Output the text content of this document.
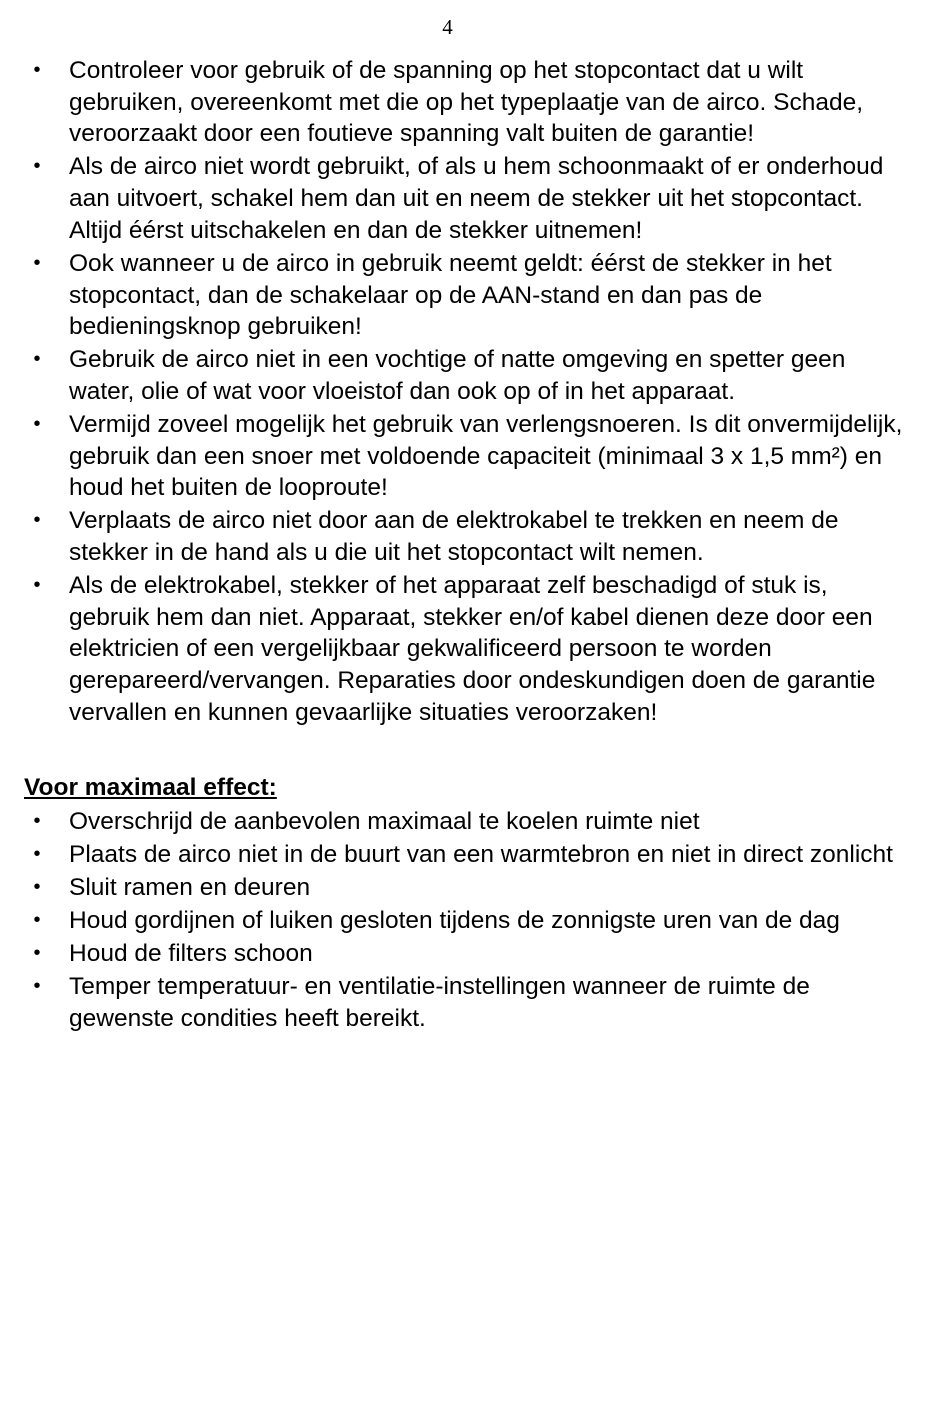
4
• Controleer voor gebruik of de spanning op het stopcontact dat u wilt gebruiken, overeenkomt met die op het typeplaatje van de airco. Schade, veroorzaakt door een foutieve spanning valt buiten de garantie!
• Als de airco niet wordt gebruikt, of als u hem schoonmaakt of er onderhoud aan uitvoert, schakel hem dan uit en neem de stekker uit het stopcontact. Altijd éérst uitschakelen en dan de stekker uitnemen!
• Ook wanneer u de airco in gebruik neemt geldt: éérst de stekker in het stopcontact, dan de schakelaar op de AAN-stand en dan pas de bedieningsknop gebruiken!
• Gebruik de airco niet in een vochtige of natte omgeving en spetter geen water, olie of wat voor vloeistof dan ook op of in het apparaat.
• Vermijd zoveel mogelijk het gebruik van verlengsnoeren. Is dit onvermijdelijk, gebruik dan een snoer met voldoende capaciteit (minimaal 3 x 1,5 mm²) en houd het buiten de looproute!
• Verplaats de airco niet door aan de elektrokabel te trekken en neem de stekker in de hand als u die uit het stopcontact wilt nemen.
• Als de elektrokabel, stekker of het apparaat zelf beschadigd of stuk is, gebruik hem dan niet. Apparaat, stekker en/of kabel dienen deze door een elektricien of een vergelijkbaar gekwalificeerd persoon te worden gerepareerd/vervangen. Reparaties door ondeskundigen doen de garantie vervallen en kunnen gevaarlijke situaties veroorzaken!
Voor maximaal effect:
• Overschrijd de aanbevolen maximaal te koelen ruimte niet
• Plaats de airco niet in de buurt van een warmtebron en niet in direct zonlicht
• Sluit ramen en deuren
• Houd gordijnen of luiken gesloten tijdens de zonnigste uren van de dag
• Houd de filters schoon
• Temper temperatuur- en ventilatie-instellingen wanneer de ruimte de gewenste condities heeft bereikt.
